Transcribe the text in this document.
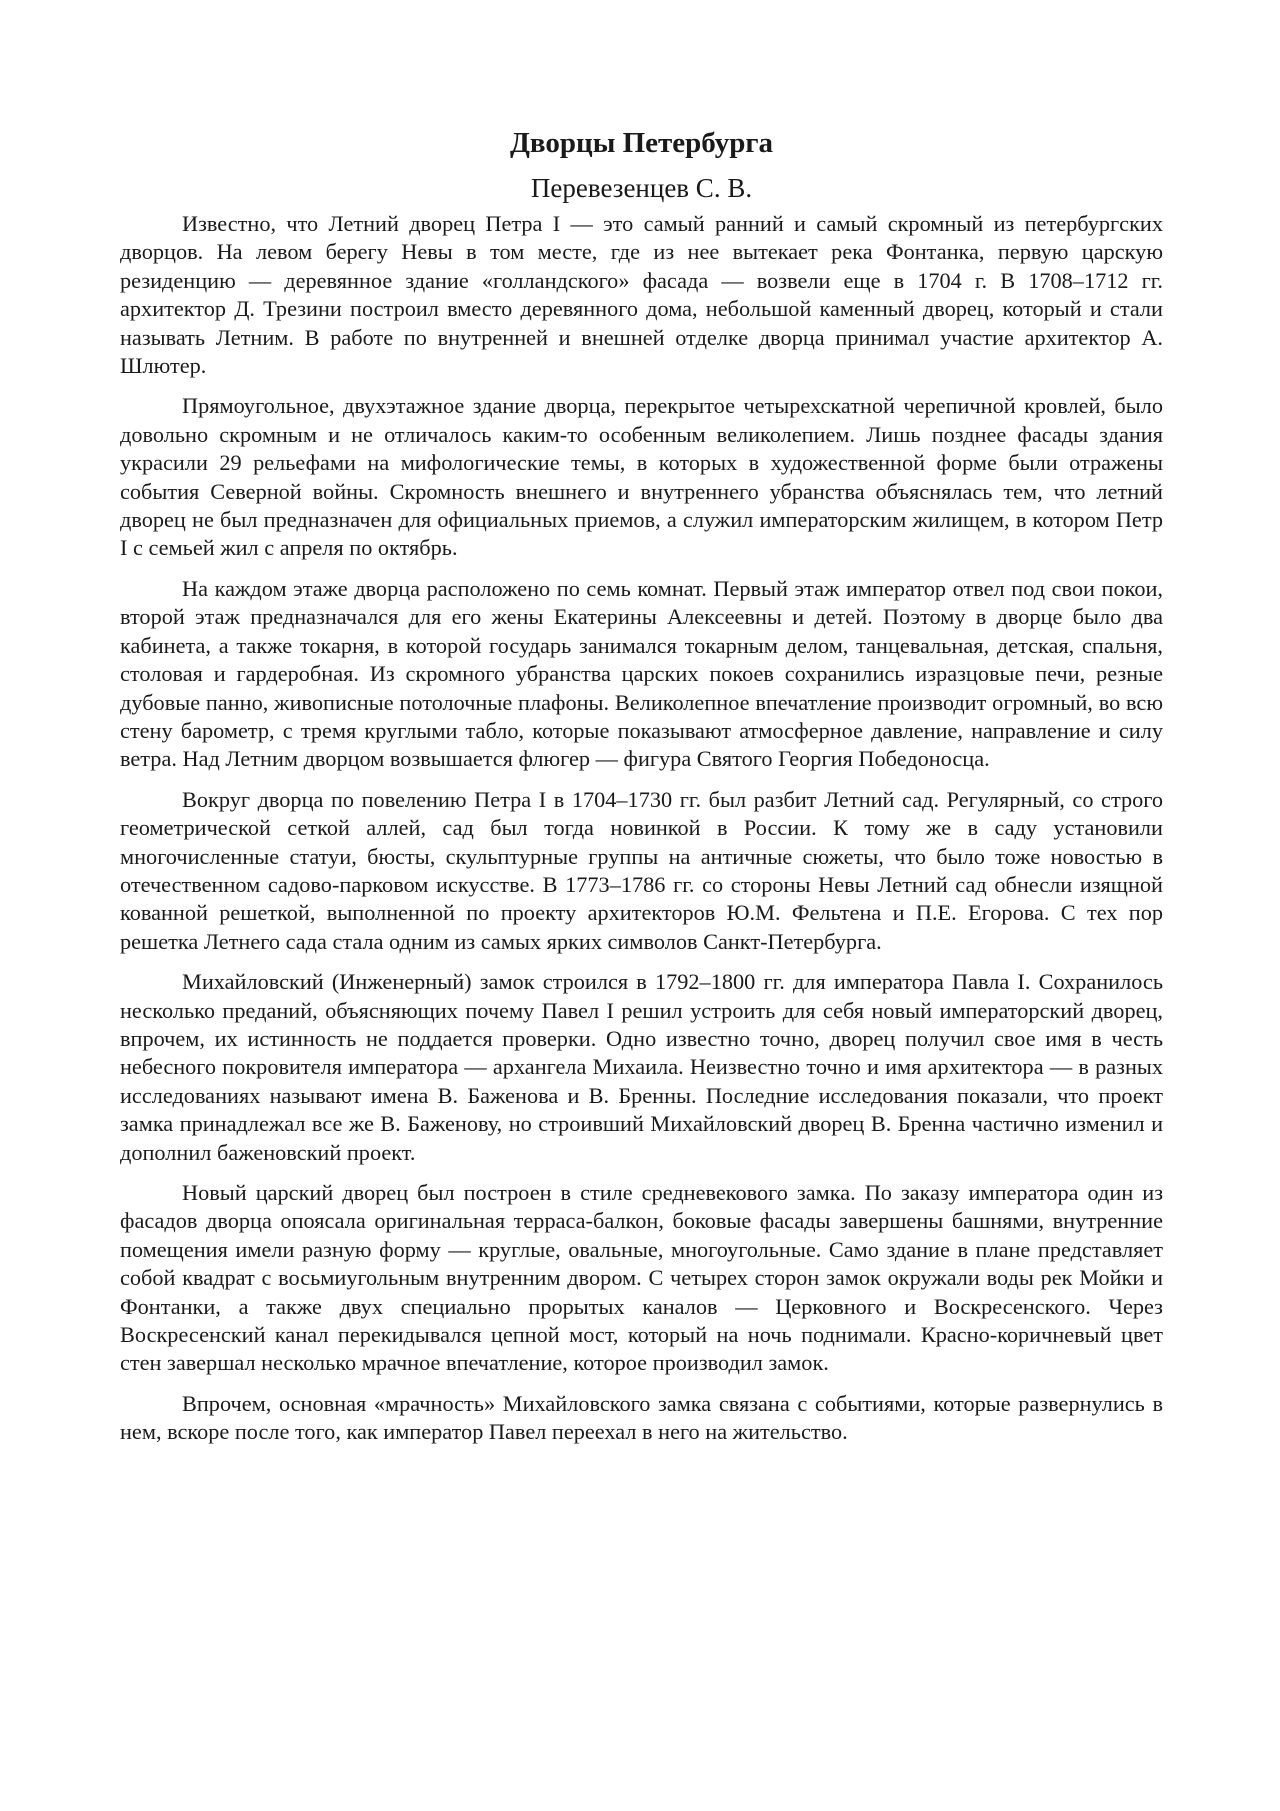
Дворцы Петербурга
Перевезенцев С. В.

Известно, что Летний дворец Петра I — это самый ранний и самый скромный из петербургских дворцов. На левом берегу Невы в том месте, где из нее вытекает река Фонтанка, первую царскую резиденцию — деревянное здание «голландского» фасада — возвели еще в 1704 г. В 1708–1712 гг. архитектор Д. Трезини построил вместо деревянного дома, небольшой каменный дворец, который и стали называть Летним. В работе по внутренней и внешней отделке дворца принимал участие архитектор А. Шлютер.

Прямоугольное, двухэтажное здание дворца, перекрытое четырехскатной черепичной кровлей, было довольно скромным и не отличалось каким-то особенным великолепием. Лишь позднее фасады здания украсили 29 рельефами на мифологические темы, в которых в художественной форме были отражены события Северной войны. Скромность внешнего и внутреннего убранства объяснялась тем, что летний дворец не был предназначен для официальных приемов, а служил императорским жилищем, в котором Петр I с семьей жил с апреля по октябрь.

На каждом этаже дворца расположено по семь комнат. Первый этаж император отвел под свои покои, второй этаж предназначался для его жены Екатерины Алексеевны и детей. Поэтому в дворце было два кабинета, а также токарня, в которой государь занимался токарным делом, танцевальная, детская, спальня, столовая и гардеробная. Из скромного убранства царских покоев сохранились изразцовые печи, резные дубовые панно, живописные потолочные плафоны. Великолепное впечатление производит огромный, во всю стену барометр, с тремя круглыми табло, которые показывают атмосферное давление, направление и силу ветра. Над Летним дворцом возвышается флюгер — фигура Святого Георгия Победоносца.

Вокруг дворца по повелению Петра I в 1704–1730 гг. был разбит Летний сад. Регулярный, со строго геометрической сеткой аллей, сад был тогда новинкой в России. К тому же в саду установили многочисленные статуи, бюсты, скульптурные группы на античные сюжеты, что было тоже новостью в отечественном садово-парковом искусстве. В 1773–1786 гг. со стороны Невы Летний сад обнесли изящной кованной решеткой, выполненной по проекту архитекторов Ю.М. Фельтена и П.Е. Егорова. С тех пор решетка Летнего сада стала одним из самых ярких символов Санкт-Петербурга.

Михайловский (Инженерный) замок строился в 1792–1800 гг. для императора Павла I. Сохранилось несколько преданий, объясняющих почему Павел I решил устроить для себя новый императорский дворец, впрочем, их истинность не поддается проверки. Одно известно точно, дворец получил свое имя в честь небесного покровителя императора — архангела Михаила. Неизвестно точно и имя архитектора — в разных исследованиях называют имена В. Баженова и В. Бренны. Последние исследования показали, что проект замка принадлежал все же В. Баженову, но строивший Михайловский дворец В. Бренна частично изменил и дополнил баженовский проект.

Новый царский дворец был построен в стиле средневекового замка. По заказу императора один из фасадов дворца опоясала оригинальная терраса-балкон, боковые фасады завершены башнями, внутренние помещения имели разную форму — круглые, овальные, многоугольные. Само здание в плане представляет собой квадрат с восьмиугольным внутренним двором. С четырех сторон замок окружали воды рек Мойки и Фонтанки, а также двух специально прорытых каналов — Церковного и Воскресенского. Через Воскресенский канал перекидывался цепной мост, который на ночь поднимали. Красно-коричневый цвет стен завершал несколько мрачное впечатление, которое производил замок.

Впрочем, основная «мрачность» Михайловского замка связана с событиями, которые развернулись в нем, вскоре после того, как император Павел переехал в него на жительство.
